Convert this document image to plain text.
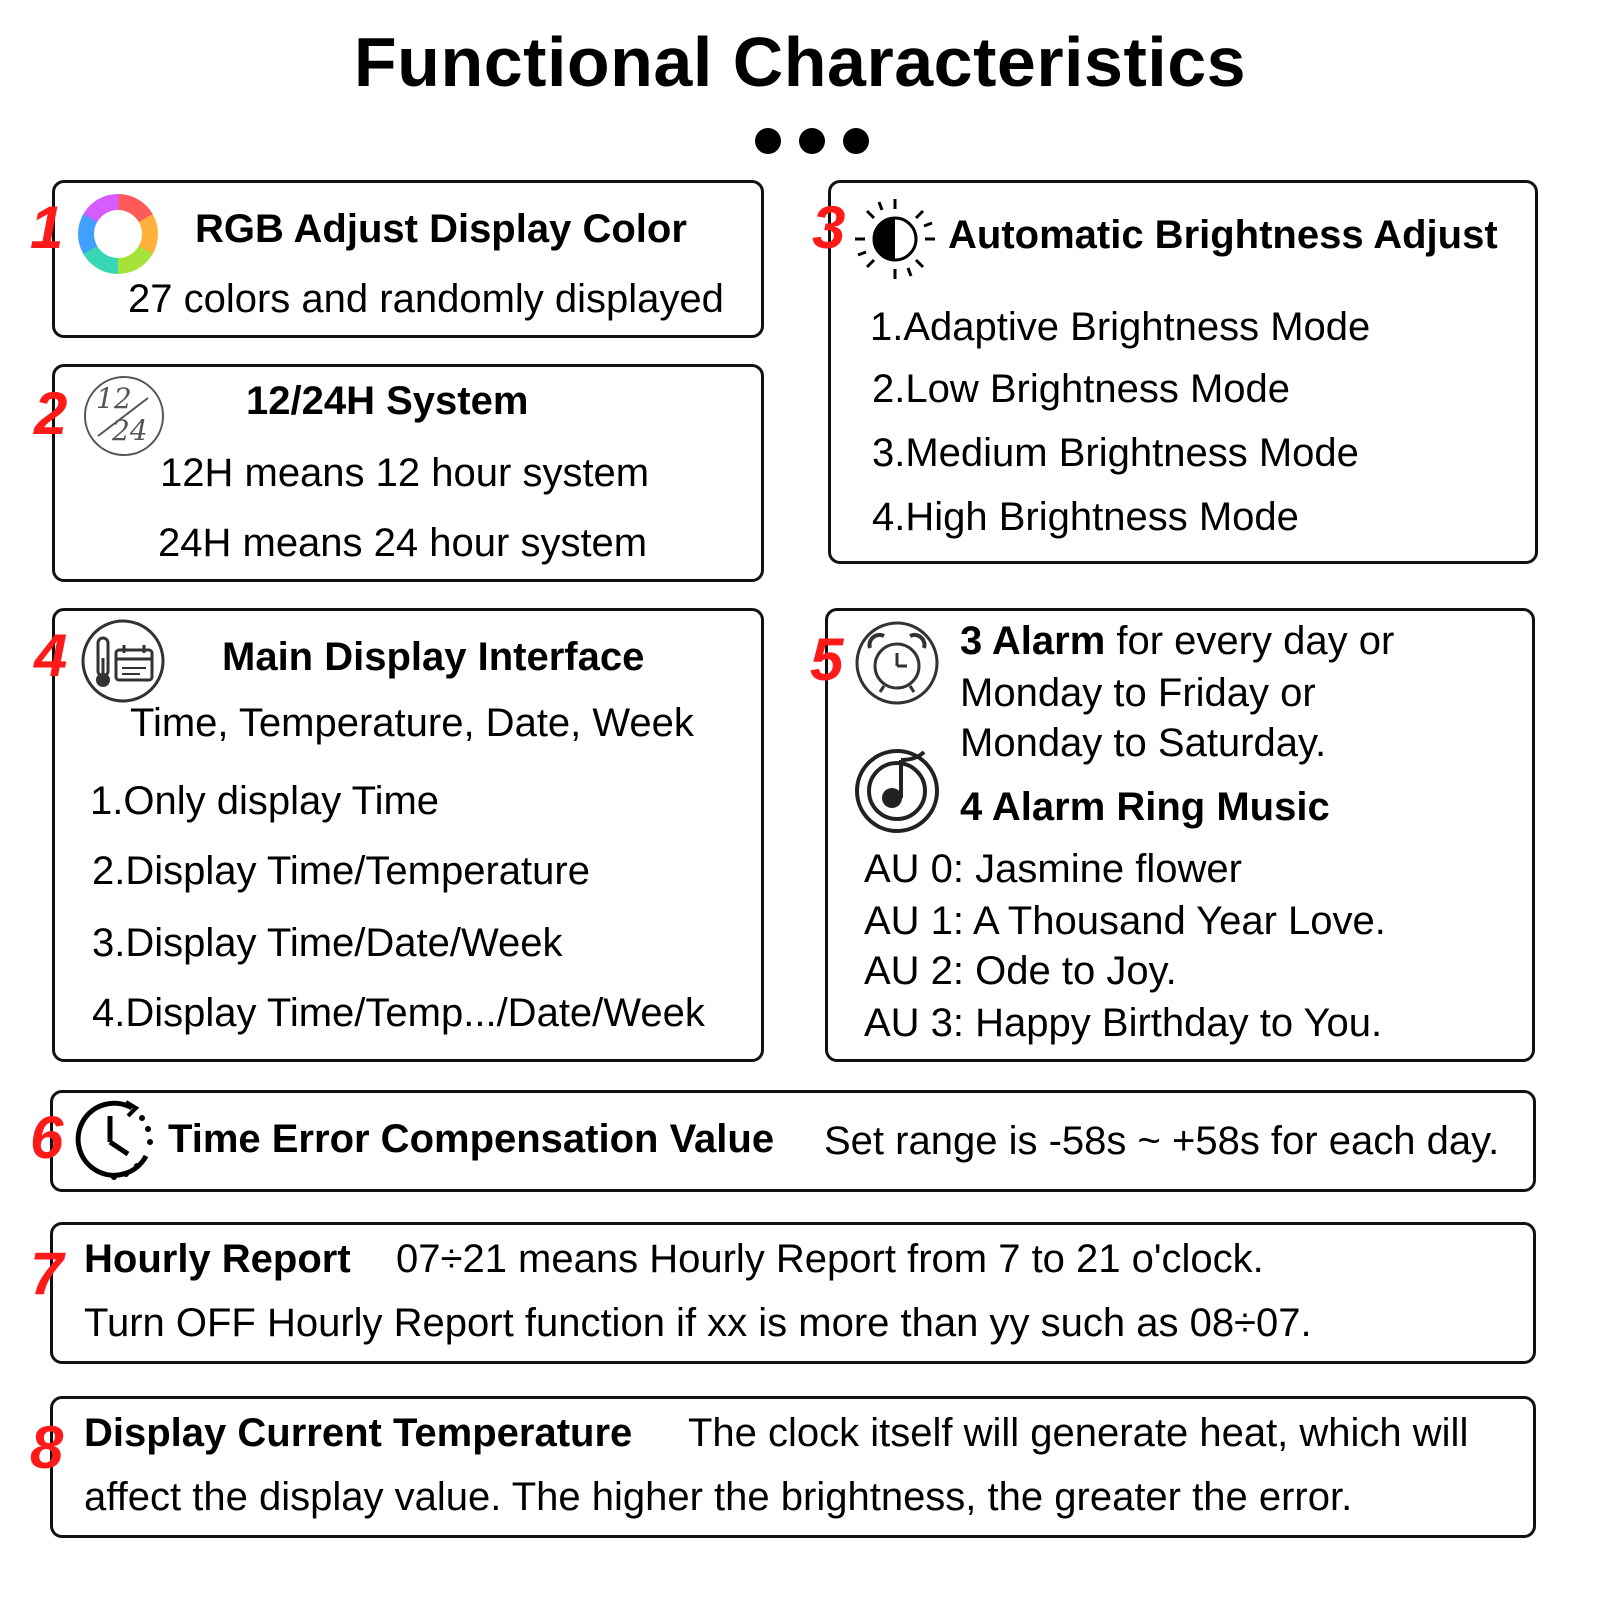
Functional Characteristics
1	RGB Adjust Display Color
27 colors and randomly displayed
2 12
24
12/24H System
12H means 12 hour system
24H means 24 hour system
3	Automatic Brightness Adjust
1.Adaptive Brightness Mode
2.Low Brightness Mode
3.Medium Brightness Mode
4.High Brightness Mode
4	Main Display Interface
Time, Temperature, Date, Week
1.Only display Time
2.Display Time/Temperature
3.Display Time/Date/Week
4.Display Time/Temp.../Date/Week
5	3 Alarm for every day or
Monday to Friday or
Monday to Saturday.
4 Alarm Ring Music
AU 0: Jasmine flower
AU 1: A Thousand Year Love.
AU 2: Ode to Joy.
AU 3: Happy Birthday to You.
6	Time Error Compensation Value Set range is -58s ~ +58s for each day.
7 Hourly Report 07÷21 means Hourly Report from 7 to 21 o'clock.
Turn OFF Hourly Report function if xx is more than yy such as 08÷07.
8 Display Current Temperature The clock itself will generate heat, which will
affect the display value. The higher the brightness, the greater the error.
